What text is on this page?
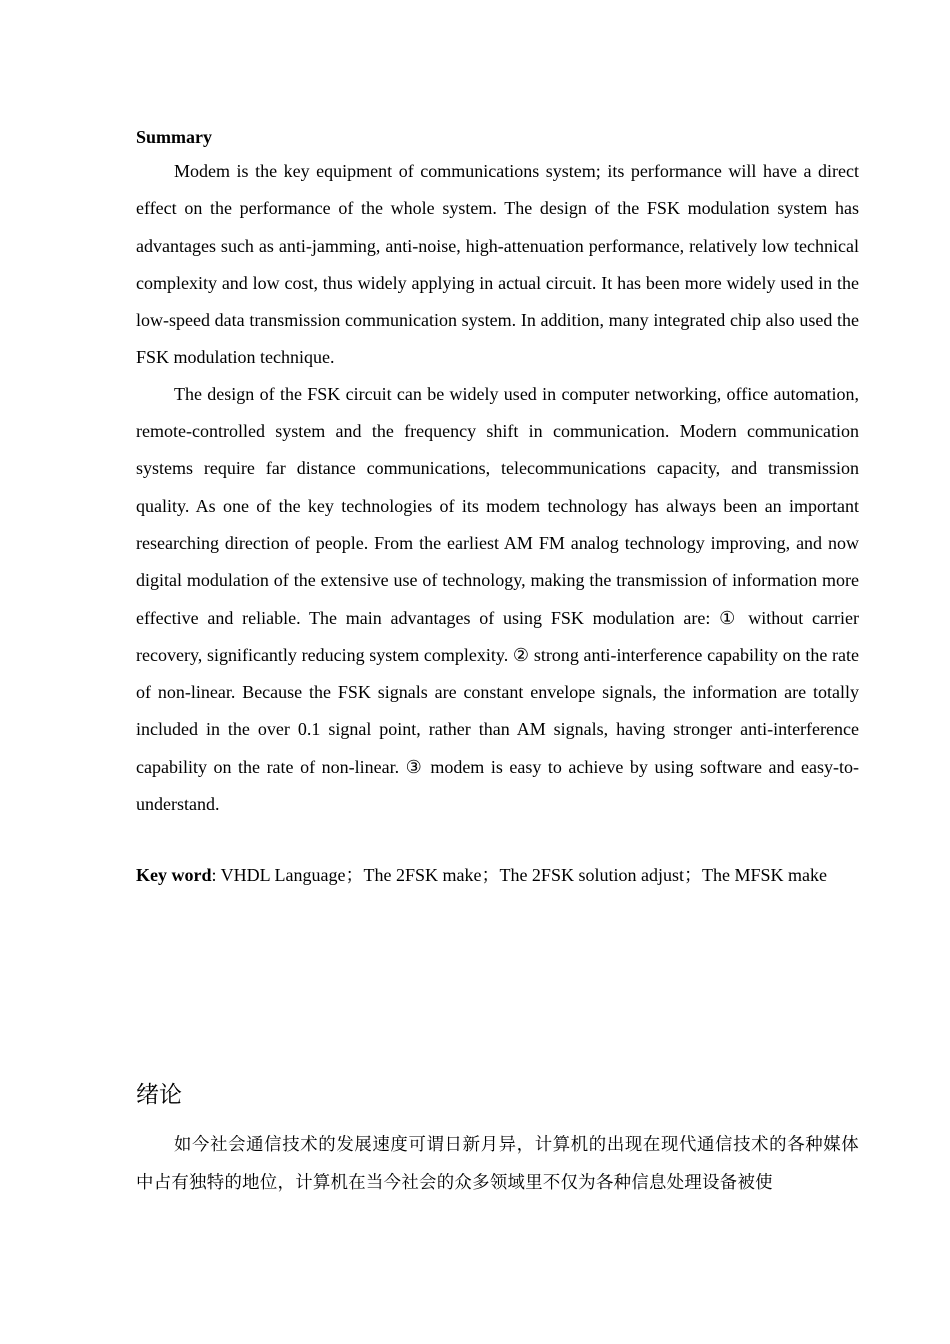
Summary

Modem is the key equipment of communications system; its performance will have a direct effect on the performance of the whole system. The design of the FSK modulation system has advantages such as anti-jamming, anti-noise, high-attenuation performance, relatively low technical complexity and low cost, thus widely applying in actual circuit. It has been more widely used in the low-speed data transmission communication system. In addition, many integrated chip also used the FSK modulation technique.

The design of the FSK circuit can be widely used in computer networking, office automation, remote-controlled system and the frequency shift in communication. Modern communication systems require far distance communications, telecommunications capacity, and transmission quality. As one of the key technologies of its modem technology has always been an important researching direction of people. From the earliest AM FM analog technology improving, and now digital modulation of the extensive use of technology, making the transmission of information more effective and reliable. The main advantages of using FSK modulation are: ① without carrier recovery, significantly reducing system complexity. ② strong anti-interference capability on the rate of non-linear. Because the FSK signals are constant envelope signals, the information are totally included in the over 0.1 signal point, rather than AM signals, having stronger anti-interference capability on the rate of non-linear. ③ modem is easy to achieve by using software and easy-to-understand.

Key word: VHDL Language；The 2FSK make；The 2FSK solution adjust；The MFSK make

绪论

如今社会通信技术的发展速度可谓日新月异，计算机的出现在现代通信技术的各种媒体中占有独特的地位，计算机在当今社会的众多领域里不仅为各种信息处理设备被使
